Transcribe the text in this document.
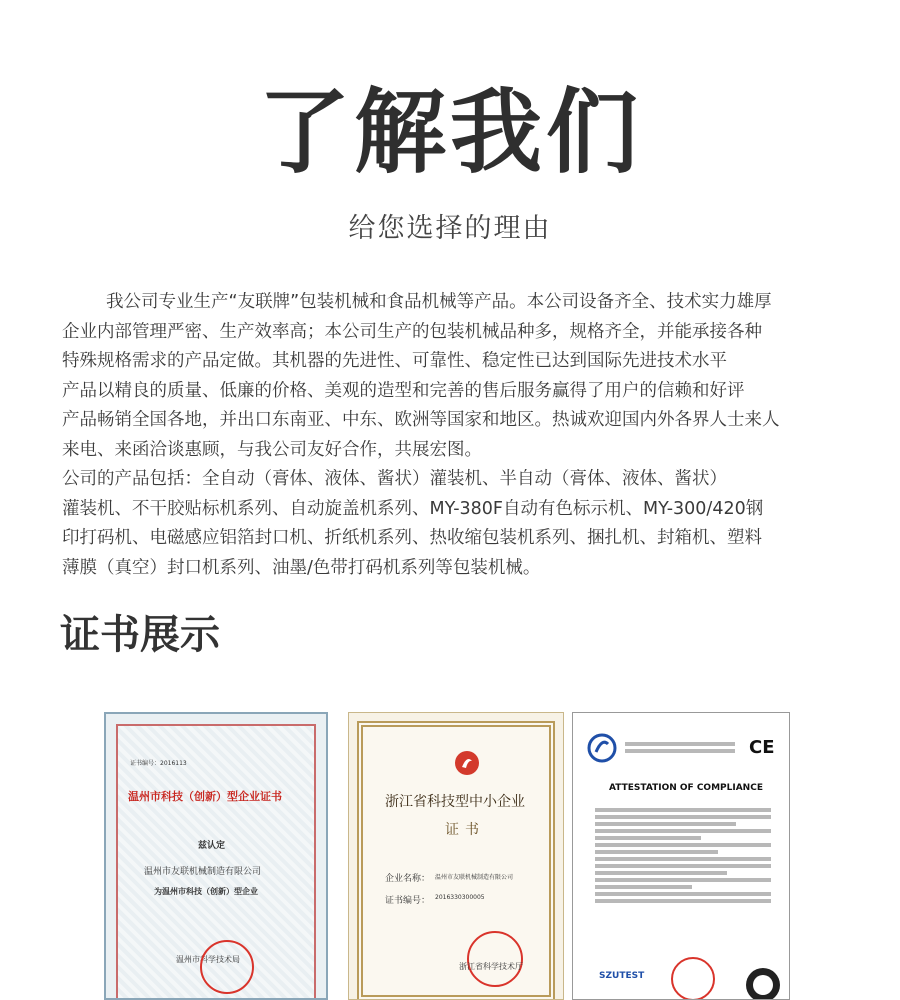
了解我们
给您选择的理由
我公司专业生产“友联牌”包装机械和食品机械等产品。本公司设备齐全、技术实力雄厚
企业内部管理严密、生产效率高；本公司生产的包装机械品种多，规格齐全，并能承接各种
特殊规格需求的产品定做。其机器的先进性、可靠性、稳定性已达到国际先进技术水平
产品以精良的质量、低廉的价格、美观的造型和完善的售后服务赢得了用户的信赖和好评
产品畅销全国各地，并出口东南亚、中东、欧洲等国家和地区。热诚欢迎国内外各界人士来人
来电、来函洽谈惠顾，与我公司友好合作，共展宏图。
公司的产品包括：全自动（膏体、液体、酱状）灌装机、半自动（膏体、液体、酱状）
灌装机、不干胶贴标机系列、自动旋盖机系列、MY-380F自动有色标示机、MY-300/420钢
印打码机、电磁感应铝箔封口机、折纸机系列、热收缩包装机系列、捆扎机、封箱机、塑料
薄膜（真空）封口机系列、油墨/色带打码机系列等包装机械。
证书展示
证书编号：2016113
温州市科技（创新）型企业证书
兹认定
温州市友联机械制造有限公司
为温州市科技（创新）型企业
温州市科学技术局
浙江省科技型中小企业
证书
企业名称： 温州市友联机械制造有限公司
证书编号： 2016330300005
浙江省科学技术厅
CE
ATTESTATION OF COMPLIANCE
SZUTEST
